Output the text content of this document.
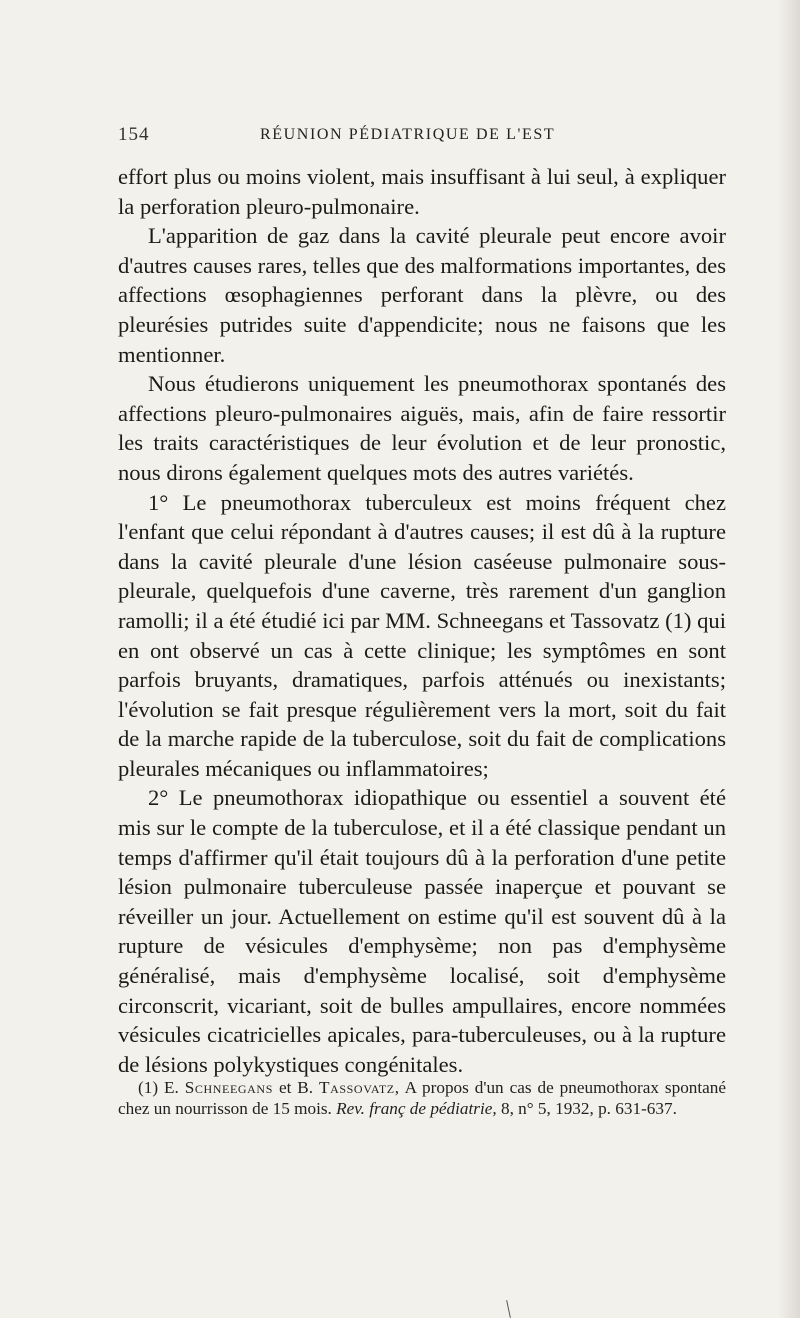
154	RÉUNION PÉDIATRIQUE DE L'EST

effort plus ou moins violent, mais insuffisant à lui seul, à expliquer la perforation pleuro-pulmonaire.

L'apparition de gaz dans la cavité pleurale peut encore avoir d'autres causes rares, telles que des malformations importantes, des affections œsophagiennes perforant dans la plèvre, ou des pleurésies putrides suite d'appendicite; nous ne faisons que les mentionner.

Nous étudierons uniquement les pneumothorax spontanés des affections pleuro-pulmonaires aiguës, mais, afin de faire ressortir les traits caractéristiques de leur évolution et de leur pronostic, nous dirons également quelques mots des autres variétés.

1° Le pneumothorax tuberculeux est moins fréquent chez l'enfant que celui répondant à d'autres causes; il est dû à la rupture dans la cavité pleurale d'une lésion caséeuse pulmonaire sous-pleurale, quelquefois d'une caverne, très rarement d'un ganglion ramolli; il a été étudié ici par MM. Schneegans et Tassovatz (1) qui en ont observé un cas à cette clinique; les symptômes en sont parfois bruyants, dramatiques, parfois atténués ou inexistants; l'évolution se fait presque régulièrement vers la mort, soit du fait de la marche rapide de la tuberculose, soit du fait de complications pleurales mécaniques ou inflammatoires;

2° Le pneumothorax idiopathique ou essentiel a souvent été mis sur le compte de la tuberculose, et il a été classique pendant un temps d'affirmer qu'il était toujours dû à la perforation d'une petite lésion pulmonaire tuberculeuse passée inaperçue et pouvant se réveiller un jour. Actuellement on estime qu'il est souvent dû à la rupture de vésicules d'emphysème; non pas d'emphysème généralisé, mais d'emphysème localisé, soit d'emphysème circonscrit, vicariant, soit de bulles ampullaires, encore nommées vésicules cicatricielles apicales, para-tuberculeuses, ou à la rupture de lésions polykystiques congénitales.

(1) E. Schneegans et B. Tassovatz, A propos d'un cas de pneumothorax spontané chez un nourrisson de 15 mois. Rev. franç de pédiatrie, 8, n° 5, 1932, p. 631-637.
